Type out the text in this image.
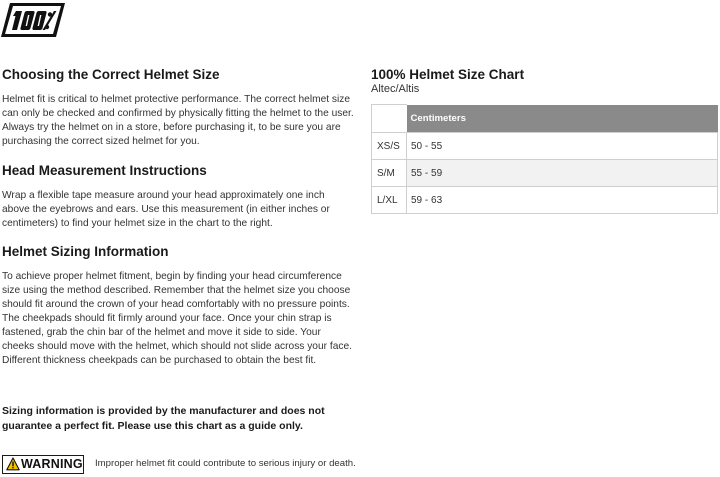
Choosing the Correct Helmet Size

Helmet fit is critical to helmet protective performance. The correct helmet size can only be checked and confirmed by physically fitting the helmet to the user. Always try the helmet on in a store, before purchasing it, to be sure you are purchasing the correct sized helmet for you.

Head Measurement Instructions

Wrap a flexible tape measure around your head approximately one inch above the eyebrows and ears. Use this measurement (in either inches or centimeters) to find your helmet size in the chart to the right.

Helmet Sizing Information

To achieve proper helmet fitment, begin by finding your head circumference size using the method described. Remember that the helmet size you choose should fit around the crown of your head comfortably with no pressure points. The cheekpads should fit firmly around your face. Once your chin strap is fastened, grab the chin bar of the helmet and move it side to side. Your cheeks should move with the helmet, which should not slide across your face. Different thickness cheekpads can be purchased to obtain the best fit.

Sizing information is provided by the manufacturer and does not guarantee a perfect fit. Please use this chart as a guide only.
WARNING Improper helmet fit could contribute to serious injury or death.
100% Helmet Size Chart
Altec/Altis
	Centimeters
XS/S	50 - 55
S/M	55 - 59
L/XL	59 - 63
